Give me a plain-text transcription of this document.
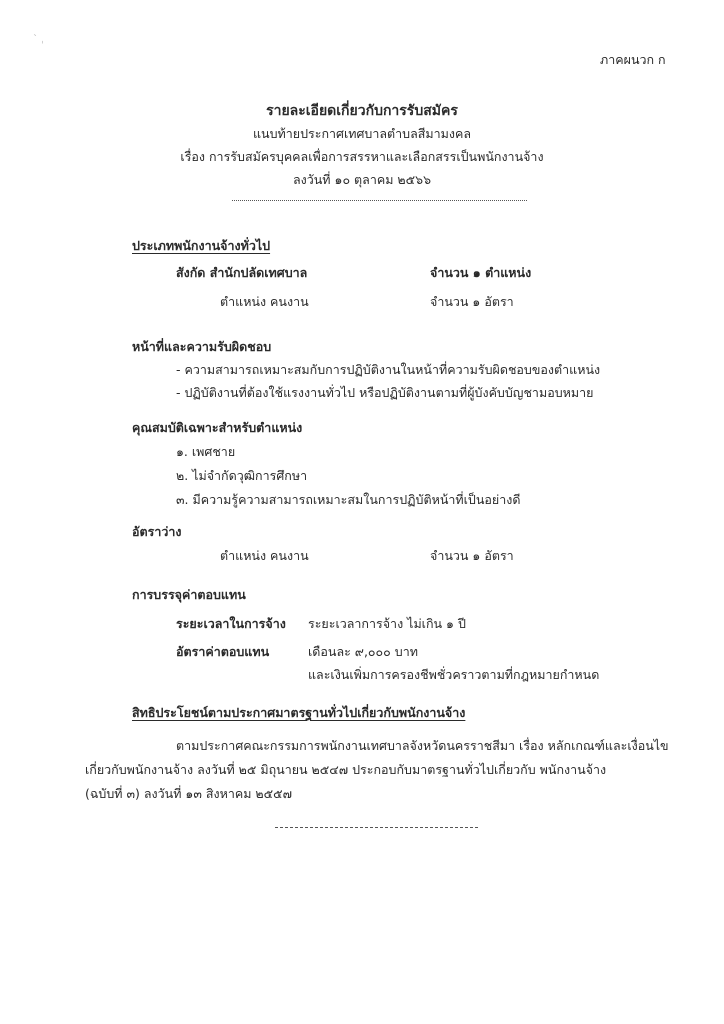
ˋ ˌ
ภาคผนวก ก
รายละเอียดเกี่ยวกับการรับสมัคร
แนบท้ายประกาศเทศบาลตำบลสีมามงคล
เรื่อง การรับสมัครบุคคลเพื่อการสรรหาและเลือกสรรเป็นพนักงานจ้าง
ลงวันที่ ๑๐ ตุลาคม ๒๕๖๖
ประเภทพนักงานจ้างทั่วไป
สังกัด สำนักปลัดเทศบาล	จำนวน ๑ ตำแหน่ง
ตำแหน่ง คนงาน	จำนวน ๑ อัตรา
หน้าที่และความรับผิดชอบ
- ความสามารถเหมาะสมกับการปฏิบัติงานในหน้าที่ความรับผิดชอบของตำแหน่ง
- ปฏิบัติงานที่ต้องใช้แรงงานทั่วไป หรือปฏิบัติงานตามที่ผู้บังคับบัญชามอบหมาย
คุณสมบัติเฉพาะสำหรับตำแหน่ง
๑. เพศชาย
๒. ไม่จำกัดวุฒิการศึกษา
๓. มีความรู้ความสามารถเหมาะสมในการปฏิบัติหน้าที่เป็นอย่างดี
อัตราว่าง
ตำแหน่ง คนงาน	จำนวน ๑ อัตรา
การบรรจุค่าตอบแทน
ระยะเวลาในการจ้าง ระยะเวลาการจ้าง ไม่เกิน ๑ ปี
อัตราค่าตอบแทน	เดือนละ ๙,๐๐๐ บาท
และเงินเพิ่มการครองชีพชั่วคราวตามที่กฎหมายกำหนด
สิทธิประโยชน์ตามประกาศมาตรฐานทั่วไปเกี่ยวกับพนักงานจ้าง
ตามประกาศคณะกรรมการพนักงานเทศบาลจังหวัดนครราชสีมา เรื่อง หลักเกณฑ์และเงื่อนไข
เกี่ยวกับพนักงานจ้าง ลงวันที่ ๒๕ มิถุนายน ๒๕๔๗ ประกอบกับมาตรฐานทั่วไปเกี่ยวกับ พนักงานจ้าง
(ฉบับที่ ๓) ลงวันที่ ๑๓ สิงหาคม ๒๕๕๗
